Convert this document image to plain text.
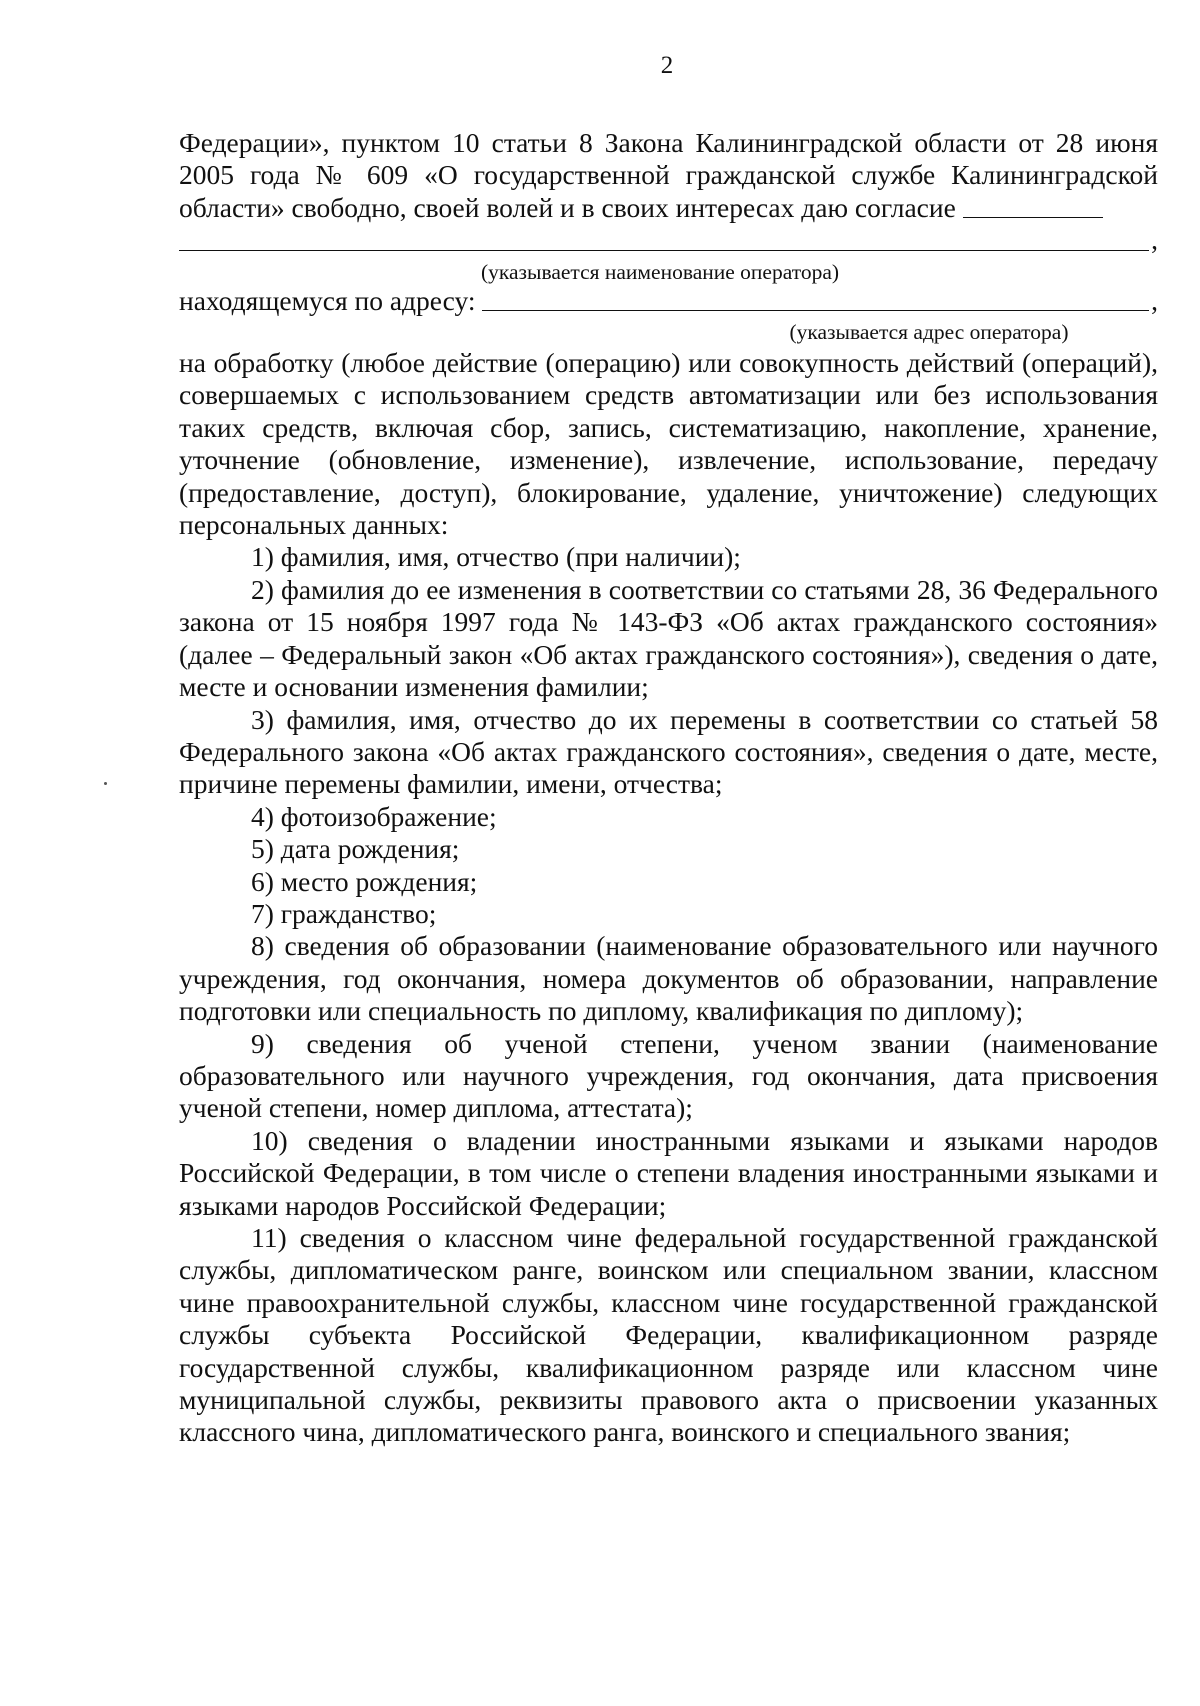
2
Федерации», пунктом 10 статьи 8 Закона Калининградской области от 28 июня
2005 года № 609 «О государственной гражданской службе Калининградской
области» свободно, своей волей и в своих интересах даю согласие
,
(указывается наименование оператора)
находящемуся по адресу:	,
(указывается адрес оператора)
на обработку (любое действие (операцию) или совокупность действий (операций), совершаемых с использованием средств автоматизации или без использования таких средств, включая сбор, запись, систематизацию, накопление, хранение, уточнение (обновление, изменение), извлечение, использование, передачу (предоставление, доступ), блокирование, удаление, уничтожение) следующих персональных данных:
1) фамилия, имя, отчество (при наличии);
2) фамилия до ее изменения в соответствии со статьями 28, 36 Федерального закона от 15 ноября 1997 года № 143-ФЗ «Об актах гражданского состояния» (далее – Федеральный закон «Об актах гражданского состояния»), сведения о дате, месте и основании изменения фамилии;
3) фамилия, имя, отчество до их перемены в соответствии со статьей 58 Федерального закона «Об актах гражданского состояния», сведения о дате, месте, причине перемены фамилии, имени, отчества;
4) фотоизображение;
5) дата рождения;
6) место рождения;
7) гражданство;
8) сведения об образовании (наименование образовательного или научного учреждения, год окончания, номера документов об образовании, направление подготовки или специальность по диплому, квалификация по диплому);
9) сведения об ученой степени, ученом звании (наименование образовательного или научного учреждения, год окончания, дата присвоения ученой степени, номер диплома, аттестата);
10) сведения о владении иностранными языками и языками народов Российской Федерации, в том числе о степени владения иностранными языками и языками народов Российской Федерации;
11) сведения о классном чине федеральной государственной гражданской службы, дипломатическом ранге, воинском или специальном звании, классном чине правоохранительной службы, классном чине государственной гражданской службы субъекта Российской Федерации, квалификационном разряде государственной службы, квалификационном разряде или классном чине муниципальной службы, реквизиты правового акта о присвоении указанных классного чина, дипломатического ранга, воинского и специального звания;
